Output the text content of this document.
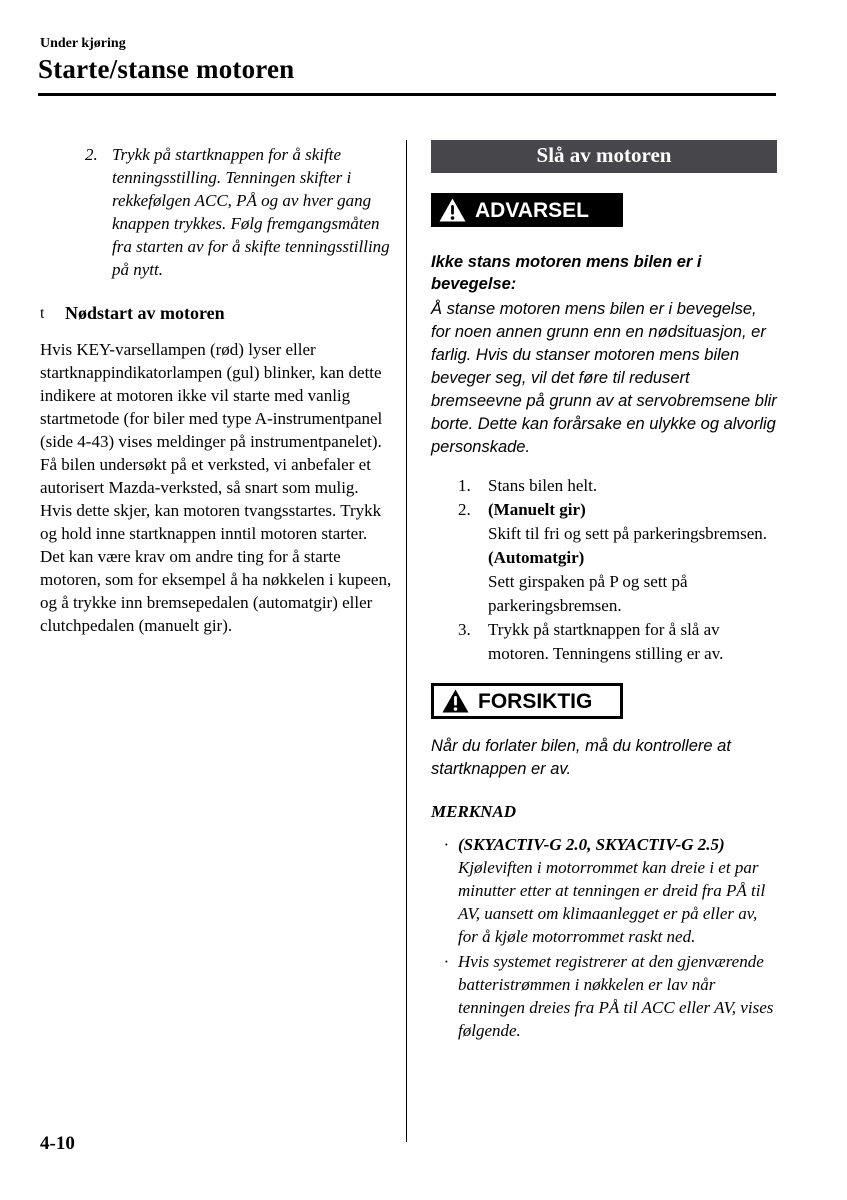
Under kjøring
Starte/stanse motoren
2. Trykk på startknappen for å skifte tenningsstilling. Tenningen skifter i rekkefølgen ACC, PÅ og av hver gang knappen trykkes. Følg fremgangsmåten fra starten av for å skifte tenningsstilling på nytt.
t	Nødstart av motoren

Hvis KEY-varsellampen (rød) lyser eller startknappindikatorlampen (gul) blinker, kan dette indikere at motoren ikke vil starte med vanlig startmetode (for biler med type A-instrumentpanel (side 4-43) vises meldinger på instrumentpanelet). Få bilen undersøkt på et verksted, vi anbefaler et autorisert Mazda-verksted, så snart som mulig. Hvis dette skjer, kan motoren tvangsstartes. Trykk og hold inne startknappen inntil motoren starter. Det kan være krav om andre ting for å starte motoren, som for eksempel å ha nøkkelen i kupeen, og å trykke inn bremsepedalen (automatgir) eller clutchpedalen (manuelt gir).

Slå av motoren
ADVARSEL
Ikke stans motoren mens bilen er i bevegelse:

Å stanse motoren mens bilen er i bevegelse, for noen annen grunn enn en nødsituasjon, er farlig. Hvis du stanser motoren mens bilen beveger seg, vil det føre til redusert bremseevne på grunn av at servobremsene blir borte. Dette kan forårsake en ulykke og alvorlig personskade.

1.	Stans bilen helt.
2.	(Manuelt gir)
Skift til fri og sett på parkeringsbremsen.
(Automatgir)
Sett girspaken på P og sett på parkeringsbremsen.
3.	Trykk på startknappen for å slå av motoren. Tenningens stilling er av.
FORSIKTIG

Når du forlater bilen, må du kontrollere at startknappen er av.

MERKNAD
· (SKYACTIV-G 2.0, SKYACTIV-G 2.5)
Kjøleviften i motorrommet kan dreie i et par minutter etter at tenningen er dreid fra PÅ til AV, uansett om klimaanlegget er på eller av, for å kjøle motorrommet raskt ned.
· Hvis systemet registrerer at den gjenværende batteristrømmen i nøkkelen er lav når tenningen dreies fra PÅ til ACC eller AV, vises følgende.
4-10
